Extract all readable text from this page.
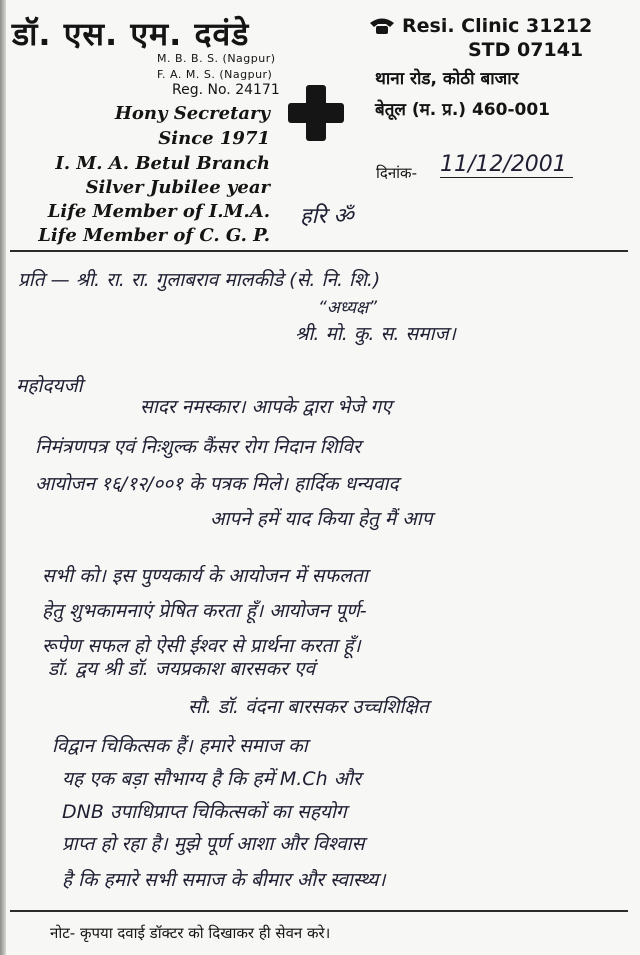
डॉ. एस. एम. दवंडे
M. B. B. S. (Nagpur)
F. A. M. S. (Nagpur)
Reg. No. 24171
Hony Secretary
Since 1971
I. M. A. Betul Branch
Silver Jubilee year
Life Member of I.M.A.
Life Member of C. G. P.
Resi. Clinic 31212
STD 07141
थाना रोड, कोठी बाजार
बेतूल (म. प्र.) 460-001
दिनांक- 11/12/2001
हरि ॐ
प्रति — श्री. रा. रा. गुलाबराव मालकीडे (से. नि. शि.)
“अध्यक्ष”
श्री. मो. कु. स. समाज।
महोदयजी
सादर नमस्कार। आपके द्वारा भेजे गए
निमंत्रणपत्र एवं निःशुल्क कैंसर रोग निदान शिविर
आयोजन १६/१२/००१ के पत्रक मिले। हार्दिक धन्यवाद
आपने हमें याद किया हेतु मैं आप
सभी को। इस पुण्यकार्य के आयोजन में सफलता
हेतु शुभकामनाएं प्रेषित करता हूँ। आयोजन पूर्ण-
रूपेण सफल हो ऐसी ईश्वर से प्रार्थना करता हूँ।
डॉ. द्वय श्री डॉ. जयप्रकाश बारसकर एवं
सौ. डॉ. वंदना बारसकर उच्चशिक्षित
विद्वान चिकित्सक हैं। हमारे समाज का
यह एक बड़ा सौभाग्य है कि हमें M.Ch और
DNB उपाधिप्राप्त चिकित्सकों का सहयोग
प्राप्त हो रहा है। मुझे पूर्ण आशा और विश्वास
है कि हमारे सभी समाज के बीमार और स्वास्थ्य।
नोट- कृपया दवाई डॉक्टर को दिखाकर ही सेवन करे।
